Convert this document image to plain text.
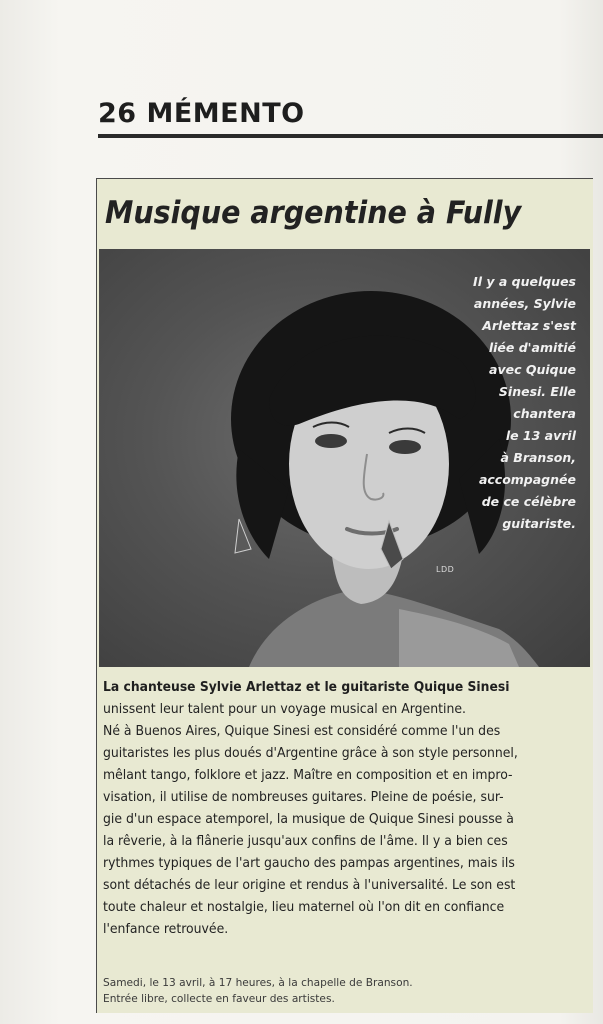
26 MÉMENTO
Musique argentine à Fully
Il y a quelques
années, Sylvie
Arlettaz s'est
liée d'amitié
avec Quique
Sinesi. Elle
chantera
le 13 avril
à Branson,
accompagnée
de ce célèbre
guitariste.
LDD
La chanteuse Sylvie Arlettaz et le guitariste Quique Sinesi
unissent leur talent pour un voyage musical en Argentine.
Né à Buenos Aires, Quique Sinesi est considéré comme l'un des
guitaristes les plus doués d'Argentine grâce à son style personnel,
mêlant tango, folklore et jazz. Maître en composition et en impro-
visation, il utilise de nombreuses guitares. Pleine de poésie, sur-
gie d'un espace atemporel, la musique de Quique Sinesi pousse à
la rêverie, à la flânerie jusqu'aux confins de l'âme. Il y a bien ces
rythmes typiques de l'art gaucho des pampas argentines, mais ils
sont détachés de leur origine et rendus à l'universalité. Le son est
toute chaleur et nostalgie, lieu maternel où l'on dit en confiance
l'enfance retrouvée.
Samedi, le 13 avril, à 17 heures, à la chapelle de Branson.
Entrée libre, collecte en faveur des artistes.
